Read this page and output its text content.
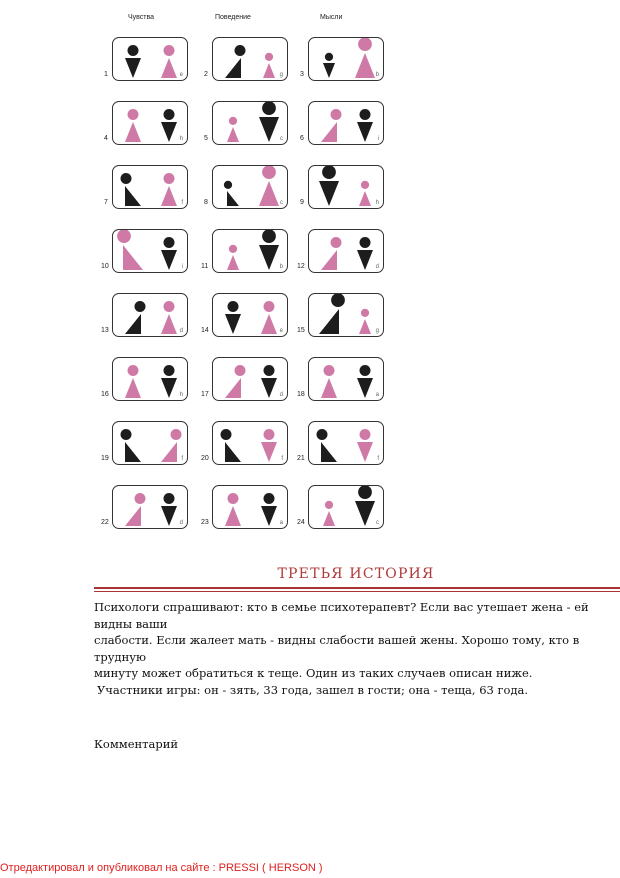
Чувства	Поведение	Мысли
e
1	g
2	b
3
h
4	c
5	i
6
f
7	c
8	h
9
i
10	b
11	d
12
d
13	e
14	g
15
h
16	d
17	a
18
f
19	f
20	f
21
d
22	a
23	c
24
ТРЕТЬЯ ИСТОРИЯ
Психологи спрашивают: кто в семье психотерапевт? Если вас утешает жена - ей видны ваши
слабости. Если жалеет мать - видны слабости вашей жены. Хорошо тому, кто в трудную
минуту может обратиться к теще. Один из таких случаев описан ниже.
Участники игры: он - зять, 33 года, зашел в гости; она - теща, 63 года.
Комментарий
Отредактировал и опубликовал на сайте : PRESSI ( HERSON )
